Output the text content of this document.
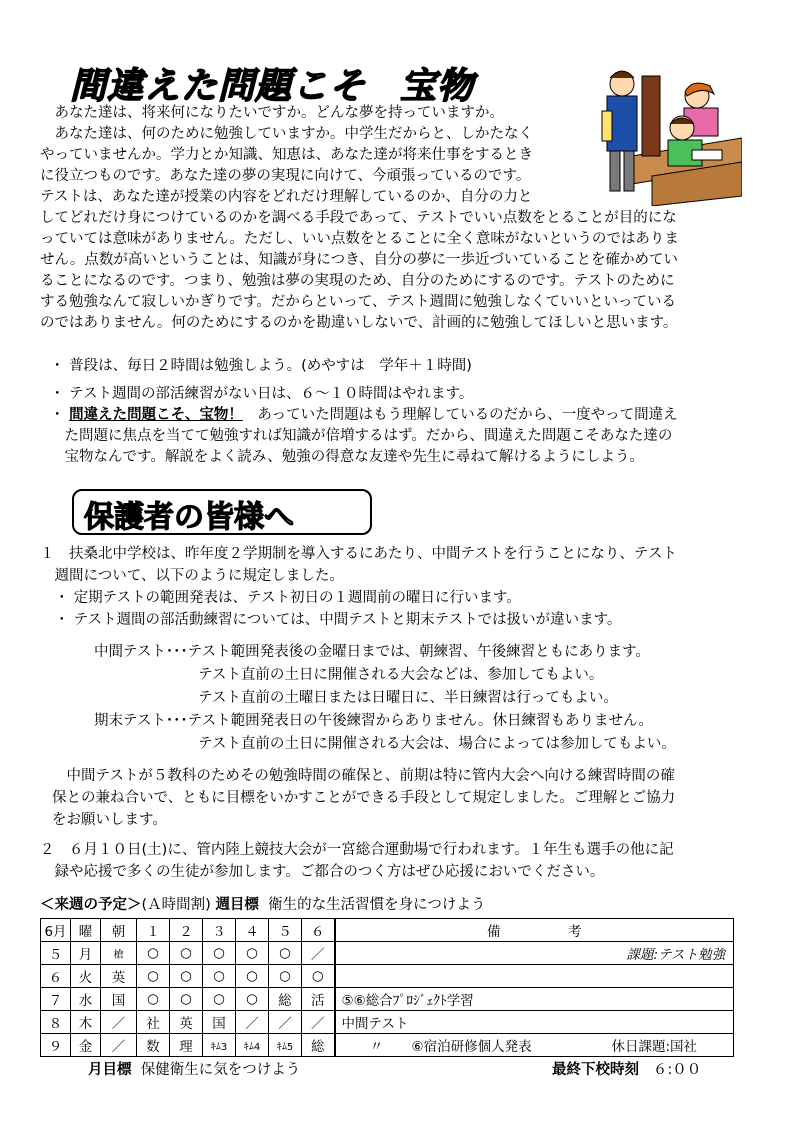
間違えた問題こそ 宝物
　あなた達は、将来何になりたいですか。どんな夢を持っていますか。
　あなた達は、何のために勉強していますか。中学生だからと、しかたなく
やっていませんか。学力とか知識、知恵は、あなた達が将来仕事をするとき
に役立つものです。あなた達の夢の実現に向けて、今頑張っているのです。
テストは、あなた達が授業の内容をどれだけ理解しているのか、自分の力と
してどれだけ身につけているのかを調べる手段であって、テストでいい点数をとることが目的にな
っていては意味がありません。ただし、いい点数をとることに全く意味がないというのではありま
せん。点数が高いということは、知識が身につき、自分の夢に一歩近づいていることを確かめてい
ることになるのです。つまり、勉強は夢の実現のため、自分のためにするのです。テストのために
する勉強なんて寂しいかぎりです。だからといって、テスト週間に勉強しなくていいといっている
のではありません。何のためにするのかを勘違いしないで、計画的に勉強してほしいと思います。
・ 普段は、毎日２時間は勉強しよう。(めやすは　学年＋１時間)
・ テスト週間の部活練習がない日は、６～１０時間はやれます。
・ 間違えた問題こそ、宝物！　あっていた問題はもう理解しているのだから、一度やって間違え
　た問題に焦点を当てて勉強すれば知識が倍増するはず。だから、間違えた問題こそあなた達の
　宝物なんです。解説をよく読み、勉強の得意な友達や先生に尋ねて解けるようにしよう。
保護者の皆様へ
１　扶桑北中学校は、昨年度２学期制を導入するにあたり、中間テストを行うことになり、テスト
　週間について、以下のように規定しました。
　・ 定期テストの範囲発表は、テスト初日の１週間前の曜日に行います。
　・ テスト週間の部活動練習については、中間テストと期末テストでは扱いが違います。
中間テスト･･･テスト範囲発表後の金曜日までは、朝練習、午後練習ともにあります。
テスト直前の土日に開催される大会などは、参加してもよい。
テスト直前の土曜日または日曜日に、半日練習は行ってもよい。
期末テスト･･･テスト範囲発表日の午後練習からありません。休日練習もありません。
テスト直前の土日に開催される大会は、場合によっては参加してもよい。
　中間テストが５教科のためその勉強時間の確保と、前期は特に管内大会へ向ける練習時間の確
保との兼ね合いで、ともに目標をいかすことができる手段として規定しました。ご理解とご協力
をお願いします。
２　６月１０日(土)に、管内陸上競技大会が一宮総合運動場で行われます。１年生も選手の他に記
　録や応援で多くの生徒が参加します。ご都合のつく方はぜひ応援においでください。
＜来週の予定＞(Ａ時間割) 週目標 衛生的な生活習慣を身につけよう
6月	曜	朝	１	２	３	４	５	６	備　　　　　考
５	月	槍	○	○	○	○	○	／	課題:テスト勉強
６	火	英	○	○	○	○	○	○	
７	水	国	○	○	○	○	総	活	⑤⑥総合ﾌﾟﾛｼﾞｪｸﾄ学習
８	木	／	社	英	国	／	／	／	中間テスト
９	金	／	数	理	ｷﾑ3	ｷﾑ4	ｷﾑ5	総	〃 ⑥宿泊研修個人発表 休日課題:国社
月目標 保健衛生に気をつけよう	最終下校時刻 ６:００
